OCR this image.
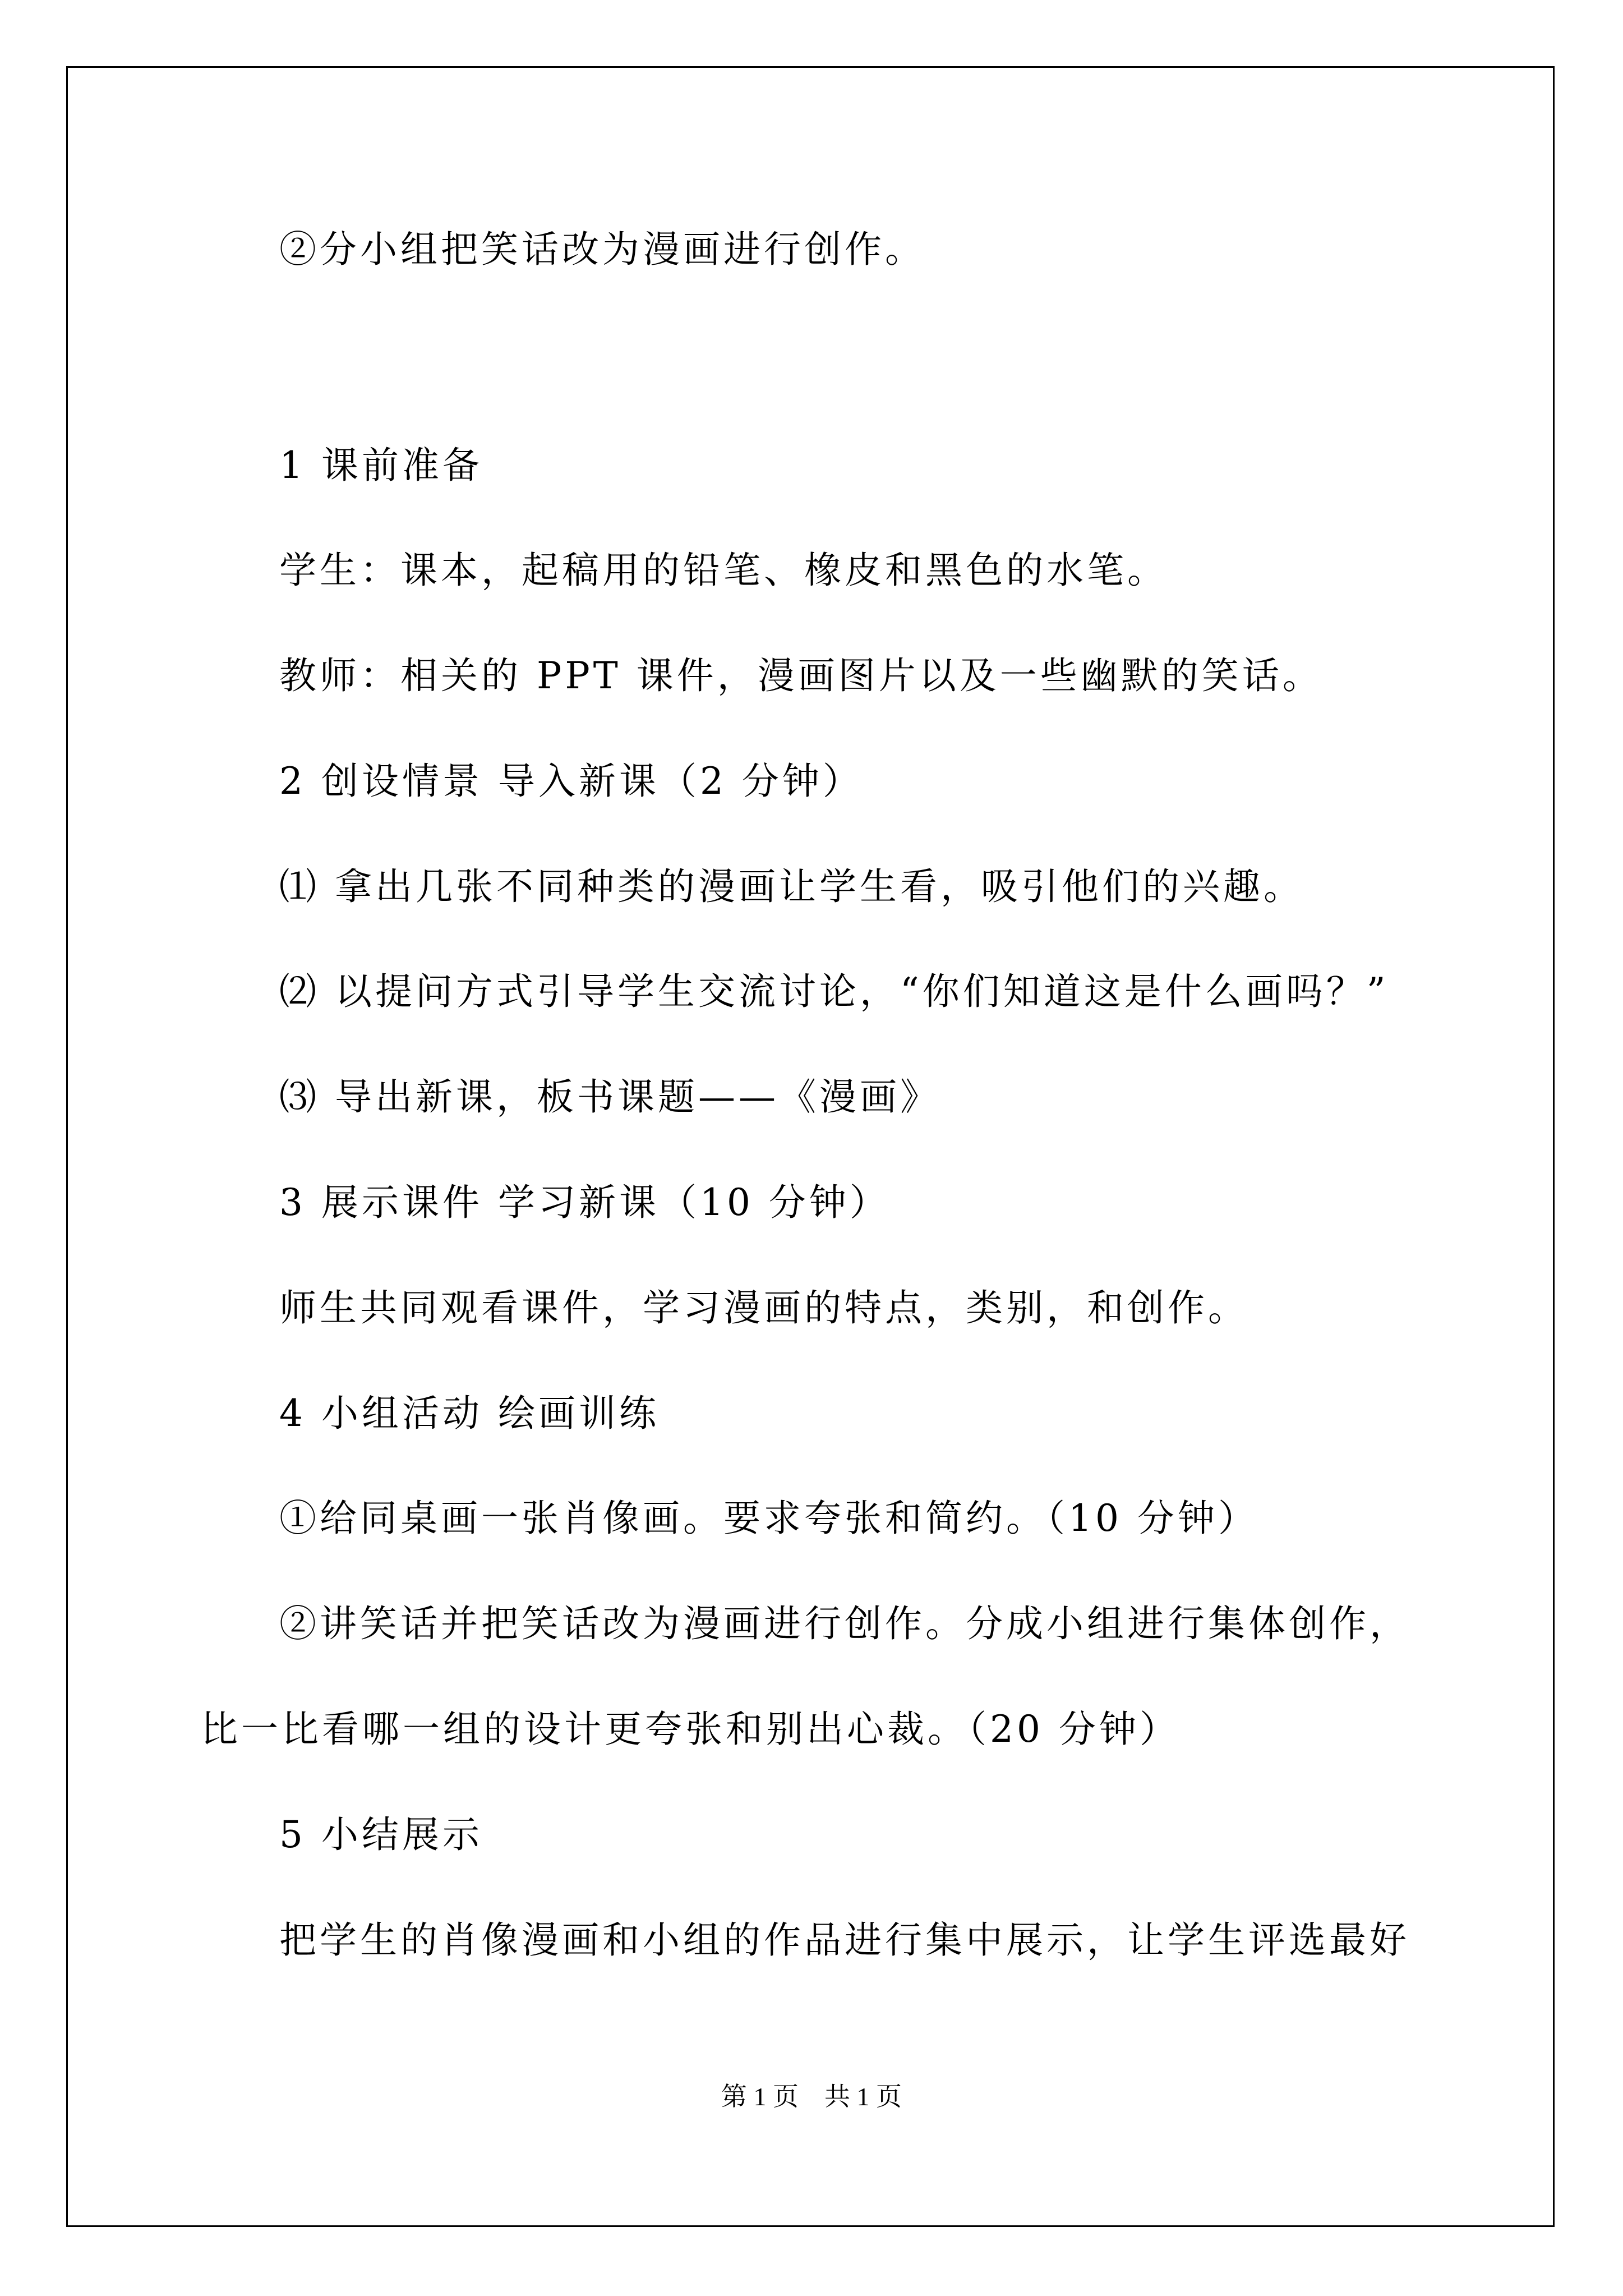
②分小组把笑话改为漫画进行创作。
1 课前准备
学生：课本，起稿用的铅笔、橡皮和黑色的水笔。
教师：相关的 PPT 课件，漫画图片以及一些幽默的笑话。
2 创设情景 导入新课（2 分钟）
⑴ 拿出几张不同种类的漫画让学生看，吸引他们的兴趣。
⑵ 以提问方式引导学生交流讨论，“你们知道这是什么画吗？”
⑶ 导出新课，板书课题——《漫画》
3 展示课件 学习新课（10 分钟）
师生共同观看课件，学习漫画的特点，类别，和创作。
4 小组活动 绘画训练
①给同桌画一张肖像画。要求夸张和简约。（10 分钟）
②讲笑话并把笑话改为漫画进行创作。分成小组进行集体创作，
比一比看哪一组的设计更夸张和别出心裁。（20 分钟）
5 小结展示
把学生的肖像漫画和小组的作品进行集中展示，让学生评选最好
第 1 页    共 1 页
